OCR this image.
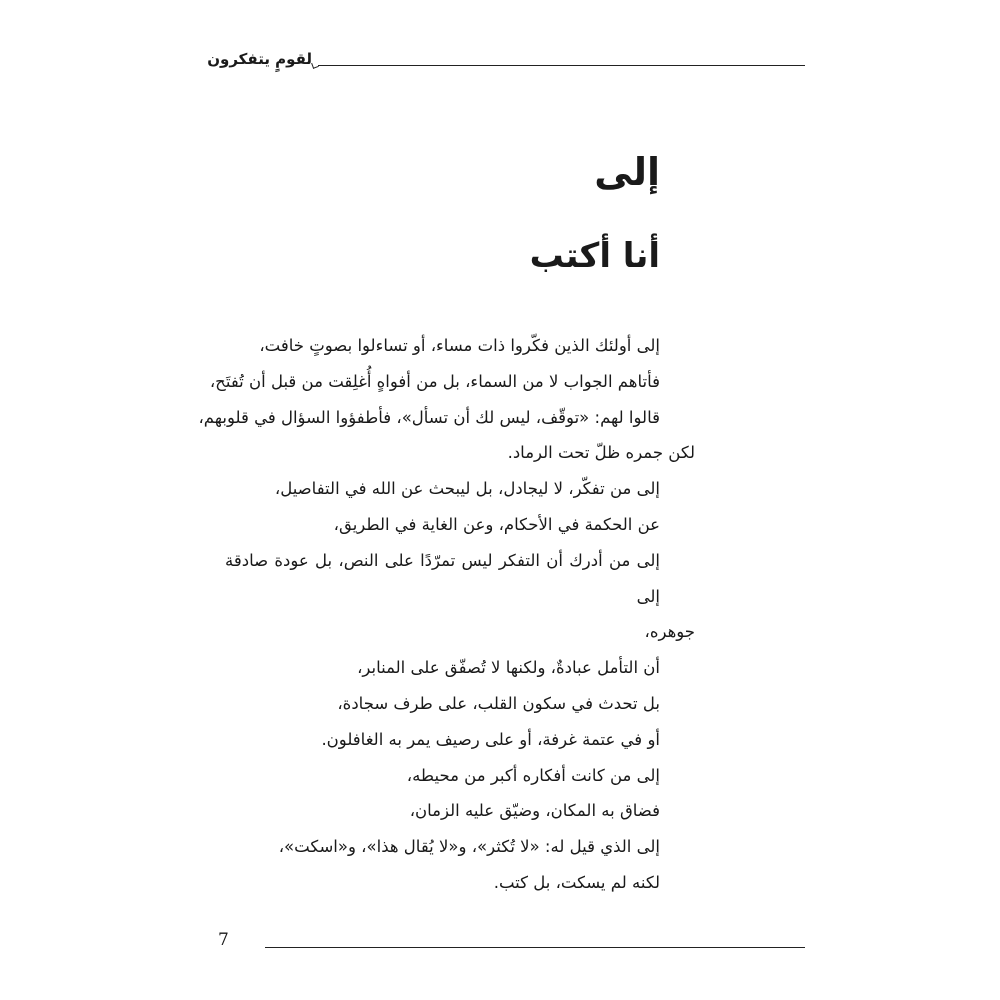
لقومٍ يتفكرون
إلى
أنا أكتب
إلى أولئك الذين فكّروا ذات مساء، أو تساءلوا بصوتٍ خافت،
فأتاهم الجواب لا من السماء، بل من أفواهٍ أُغلِقت من قبل أن تُفتَح،
قالوا لهم: «توقّف، ليس لك أن تسأل»، فأطفؤوا السؤال في قلوبهم،
لكن جمره ظلّ تحت الرماد.
إلى من تفكّر، لا ليجادل، بل ليبحث عن الله في التفاصيل،
عن الحكمة في الأحكام، وعن الغاية في الطريق،
إلى من أدرك أن التفكر ليس تمرّدًا على النص، بل عودة صادقة إلى
جوهره،
أن التأمل عبادةٌ، ولكنها لا تُصفّق على المنابر،
بل تحدث في سكون القلب، على طرف سجادة،
أو في عتمة غرفة، أو على رصيف يمر به الغافلون.
إلى من كانت أفكاره أكبر من محيطه،
فضاق به المكان، وضيّق عليه الزمان،
إلى الذي قيل له: «لا تُكثر»، و«لا يُقال هذا»، و«اسكت»،
لكنه لم يسكت، بل كتب.
7
